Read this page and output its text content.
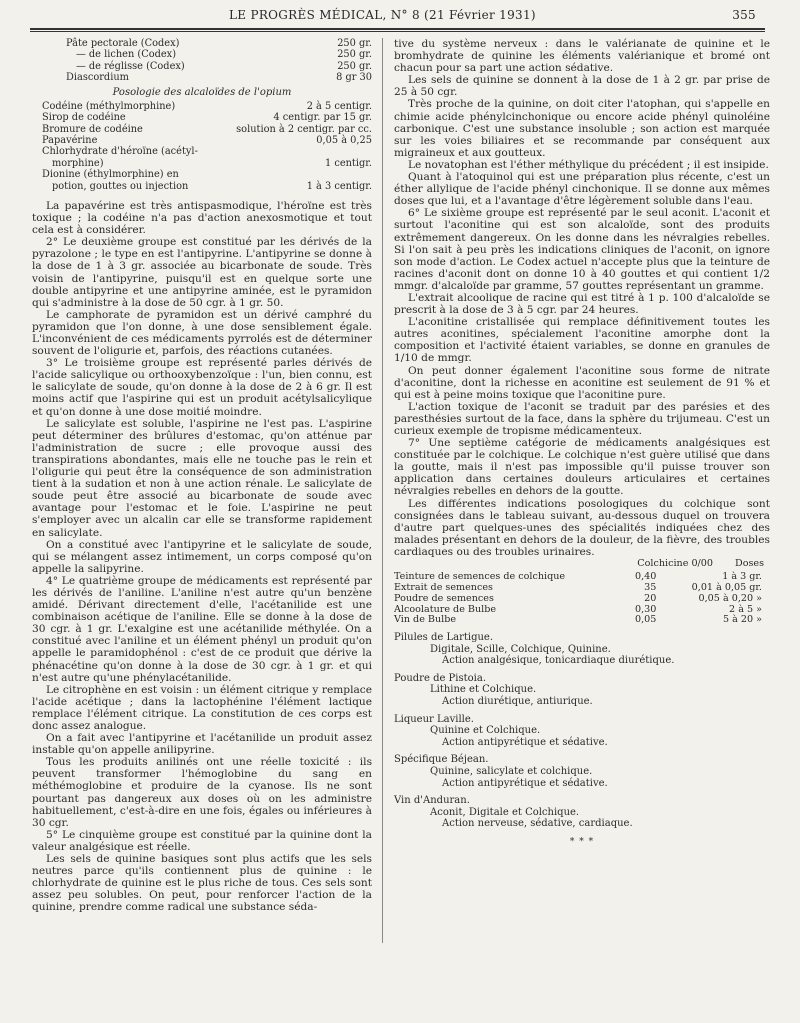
LE PROGRÈS MÉDICAL, N° 8 (21 Février 1931)	355
Pâte pectorale (Codex)	250 gr.
— de lichen (Codex)	250 gr.
— de réglisse (Codex)	250 gr.
Diascordium	8 gr 30
Posologie des alcaloïdes de l'opium
Codéine (méthylmorphine)	2 à 5 centigr.
Sirop de codéine	4 centigr. par 15 gr.
Bromure de codéine	solution à 2 centigr. par cc.
Papavérine	0,05 à 0,25
Chlorhydrate d'héroïne (acétyl-
morphine)	1 centigr.
Dionine (éthylmorphine) en
potion, gouttes ou injection	1 à 3 centigr.

La papavérine est très antispasmodique, l'héroïne est très toxique ; la codéine n'a pas d'action anexosmotique et tout cela est à considérer.

2° Le deuxième groupe est constitué par les dérivés de la pyrazolone ; le type en est l'antipyrine. L'antipyrine se donne à la dose de 1 à 3 gr. associée au bicarbonate de soude. Très voisin de l'antipyrine, puisqu'il est en quelque sorte une double antipyrine et une antipyrine aminée, est le pyramidon qui s'administre à la dose de 50 cgr. à 1 gr. 50.

Le camphorate de pyramidon est un dérivé camphré du pyramidon que l'on donne, à une dose sensiblement égale. L'inconvénient de ces médicaments pyrrolés est de déterminer souvent de l'oligurie et, parfois, des réactions cutanées.

3° Le troisième groupe est représenté parles dérivés de l'acide salicylique ou orthooxybenzoïque : l'un, bien connu, est le salicylate de soude, qu'on donne à la dose de 2 à 6 gr. Il est moins actif que l'aspirine qui est un produit acétylsalicylique et qu'on donne à une dose moitié moindre.

Le salicylate est soluble, l'aspirine ne l'est pas. L'aspirine peut déterminer des brûlures d'estomac, qu'on atténue par l'administration de sucre ; elle provoque aussi des transpirations abondantes, mais elle ne touche pas le rein et l'oligurie qui peut être la conséquence de son administration tient à la sudation et non à une action rénale. Le salicylate de soude peut être associé au bicarbonate de soude avec avantage pour l'estomac et le foie. L'aspirine ne peut s'employer avec un alcalin car elle se transforme rapidement en salicylate.

On a constitué avec l'antipyrine et le salicylate de soude, qui se mélangent assez intimement, un corps composé qu'on appelle la salipyrine.

4° Le quatrième groupe de médicaments est représenté par les dérivés de l'aniline. L'aniline n'est autre qu'un benzène amidé. Dérivant directement d'elle, l'acétanilide est une combinaison acétique de l'aniline. Elle se donne à la dose de 30 cgr. à 1 gr. L'exalgine est une acétanilide méthylée. On a constitué avec l'aniline et un élément phényl un produit qu'on appelle le paramidophénol : c'est de ce produit que dérive la phénacétine qu'on donne à la dose de 30 cgr. à 1 gr. et qui n'est autre qu'une phénylacétanilide.

Le citrophène en est voisin : un élément citrique y remplace l'acide acétique ; dans la lactophénine l'élément lactique remplace l'élément citrique. La constitution de ces corps est donc assez analogue.

On a fait avec l'antipyrine et l'acétanilide un produit assez instable qu'on appelle anilipyrine.

Tous les produits anilinés ont une réelle toxicité : ils peuvent transformer l'hémoglobine du sang en méthémoglobine et produire de la cyanose. Ils ne sont pourtant pas dangereux aux doses où on les administre habituellement, c'est-à-dire en une fois, égales ou inférieures à 30 cgr.

5° Le cinquième groupe est constitué par la quinine dont la valeur analgésique est réelle.

Les sels de quinine basiques sont plus actifs que les sels neutres parce qu'ils contiennent plus de quinine : le chlorhydrate de quinine est le plus riche de tous. Ces sels sont assez peu solubles. On peut, pour renforcer l'action de la quinine, prendre comme radical une substance séda-

tive du système nerveux : dans le valérianate de quinine et le bromhydrate de quinine les éléments valérianique et bromé ont chacun pour sa part une action sédative.

Les sels de quinine se donnent à la dose de 1 à 2 gr. par prise de 25 à 50 cgr.

Très proche de la quinine, on doit citer l'atophan, qui s'appelle en chimie acide phénylcinchonique ou encore acide phényl quinoléine carbonique. C'est une substance insoluble ; son action est marquée sur les voies biliaires et se recommande par conséquent aux migraineux et aux goutteux.

Le novatophan est l'éther méthylique du précédent ; il est insipide.

Quant à l'atoquinol qui est une préparation plus récente, c'est un éther allylique de l'acide phényl cinchonique. Il se donne aux mêmes doses que lui, et a l'avantage d'être légèrement soluble dans l'eau.

6° Le sixième groupe est représenté par le seul aconit. L'aconit et surtout l'aconitine qui est son alcaloïde, sont des produits extrêmement dangereux. On les donne dans les névralgies rebelles. Si l'on sait à peu près les indications cliniques de l'aconit, on ignore son mode d'action. Le Codex actuel n'accepte plus que la teinture de racines d'aconit dont on donne 10 à 40 gouttes et qui contient 1/2 mmgr. d'alcaloïde par gramme, 57 gouttes représentant un gramme.

L'extrait alcoolique de racine qui est titré à 1 p. 100 d'alcaloïde se prescrit à la dose de 3 à 5 cgr. par 24 heures.

L'aconitine cristallisée qui remplace définitivement toutes les autres aconitines, spécialement l'aconitine amorphe dont la composition et l'activité étaient variables, se donne en granules de 1/10 de mmgr.

On peut donner également l'aconitine sous forme de nitrate d'aconitine, dont la richesse en aconitine est seulement de 91 % et qui est à peine moins toxique que l'aconitine pure.

L'action toxique de l'aconit se traduit par des parésies et des paresthésies surtout de la face, dans la sphère du trijumeau. C'est un curieux exemple de tropisme médicamenteux.

7° Une septième catégorie de médicaments analgésiques est constituée par le colchique. Le colchique n'est guère utilisé que dans la goutte, mais il n'est pas impossible qu'il puisse trouver son application dans certaines douleurs articulaires et certaines névralgies rebelles en dehors de la goutte.

Les différentes indications posologiques du colchique sont consignées dans le tableau suivant, au-dessous duquel on trouvera d'autre part quelques-unes des spécialités indiquées chez des malades présentant en dehors de la douleur, de la fièvre, des troubles cardiaques ou des troubles urinaires.

Colchicine 0/00 Doses
Teinture de semences de colchique	0,40	1 à 3 gr.
Extrait de semences	35	0,01 à 0,05 gr.
Poudre de semences	20	0,05 à 0,20 »
Alcoolature de Bulbe	0,30	2 à 5 »
Vin de Bulbe	0,05	5 à 20 »
Pilules de Lartigue.
Digitale, Scille, Colchique, Quinine.
Action analgésique, tonicardiaque diurétique.
Poudre de Pistoia.
Lithine et Colchique.
Action diurétique, antiurique.
Liqueur Laville.
Quinine et Colchique.
Action antipyrétique et sédative.
Spécifique Béjean.
Quinine, salicylate et colchique.
Action antipyrétique et sédative.
Vin d'Anduran.
Aconit, Digitale et Colchique.
Action nerveuse, sédative, cardiaque.
* * *
